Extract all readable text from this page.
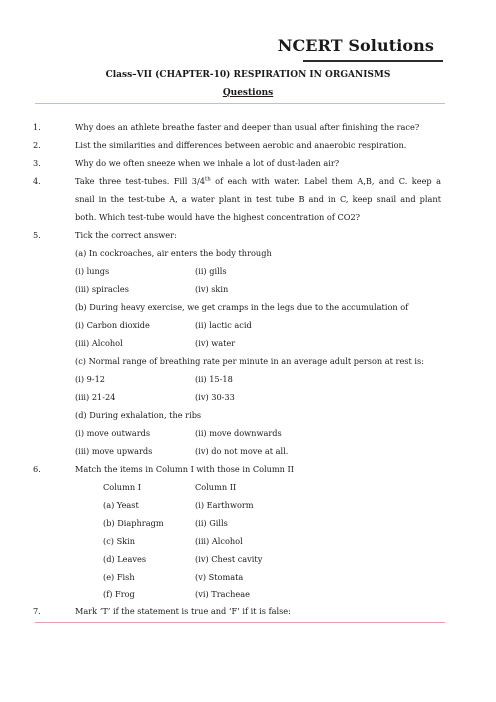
NCERT Solutions
Class–VII (CHAPTER-10) RESPIRATION IN ORGANISMS
Questions
1.	Why does an athlete breathe faster and deeper than usual after finishing the race?
2.	List the similarities and differences between aerobic and anaerobic respiration.
3.	Why do we often sneeze when we inhale a lot of dust-laden air?
4.	Take three test-tubes. Fill 3/4th of each with water. Label them A,B, and C. keep a
snail in the test-tube A, a water plant in test tube B and in C, keep snail and plant
both. Which test-tube would have the highest concentration of CO2?
5.	Tick the correct answer:
(a) In cockroaches, air enters the body through
(i) lungs	(ii) gills
(iii) spiracles	(iv) skin
(b) During heavy exercise, we get cramps in the legs due to the accumulation of
(i) Carbon dioxide	(ii) lactic acid
(iii) Alcohol	(iv) water
(c) Normal range of breathing rate per minute in an average adult person at rest is:
(i) 9-12	(ii) 15-18
(iii) 21-24	(iv) 30-33
(d) During exhalation, the ribs
(i) move outwards	(ii) move downwards
(iii) move upwards	(iv) do not move at all.
6.	Match the items in Column I with those in Column II
Column I	Column II
(a) Yeast	(i) Earthworm
(b) Diaphragm	(ii) Gills
(c) Skin	(iii) Alcohol
(d) Leaves	(iv) Chest cavity
(e) Fish	(v) Stomata
(f) Frog	(vi) Tracheae
7.	Mark ‘T’ if the statement is true and ‘F’ if it is false:
